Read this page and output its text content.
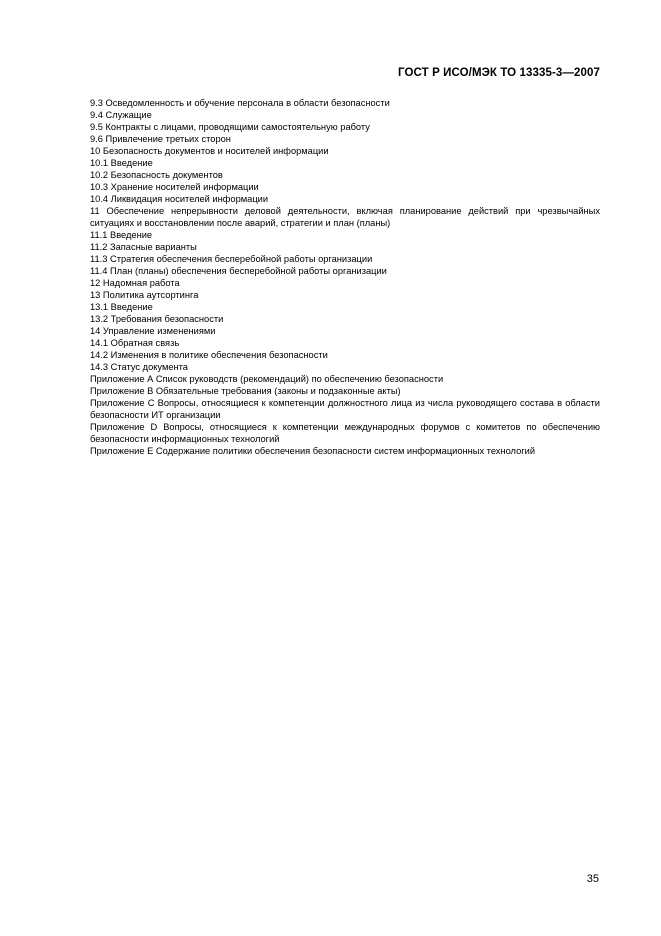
ГОСТ Р ИСО/МЭК ТО 13335-3—2007
9.3 Осведомленность и обучение персонала в области безопасности
9.4 Служащие
9.5 Контракты с лицами, проводящими самостоятельную работу
9.6 Привлечение третьих сторон
10 Безопасность документов и носителей информации
10.1 Введение
10.2 Безопасность документов
10.3 Хранение носителей информации
10.4 Ликвидация носителей информации
11 Обеспечение непрерывности деловой деятельности, включая планирование действий при чрезвычайных ситуациях и восстановлении после аварий, стратегии и план (планы)
11.1 Введение
11.2 Запасные варианты
11.3 Стратегия обеспечения бесперебойной работы организации
11.4 План (планы) обеспечения бесперебойной работы организации
12 Надомная работа
13 Политика аутсортинга
13.1 Введение
13.2 Требования безопасности
14 Управление изменениями
14.1 Обратная связь
14.2 Изменения в политике обеспечения безопасности
14.3 Статус документа
Приложение А Список руководств (рекомендаций) по обеспечению безопасности
Приложение В Обязательные требования (законы и подзаконные акты)
Приложение С Вопросы, относящиеся к компетенции должностного лица из числа руководящего состава в области безопасности ИТ организации
Приложение D Вопросы, относящиеся к компетенции международных форумов с комитетов по обеспечению безопасности информационных технологий
Приложение Е Содержание политики обеспечения безопасности систем информационных технологий
35
